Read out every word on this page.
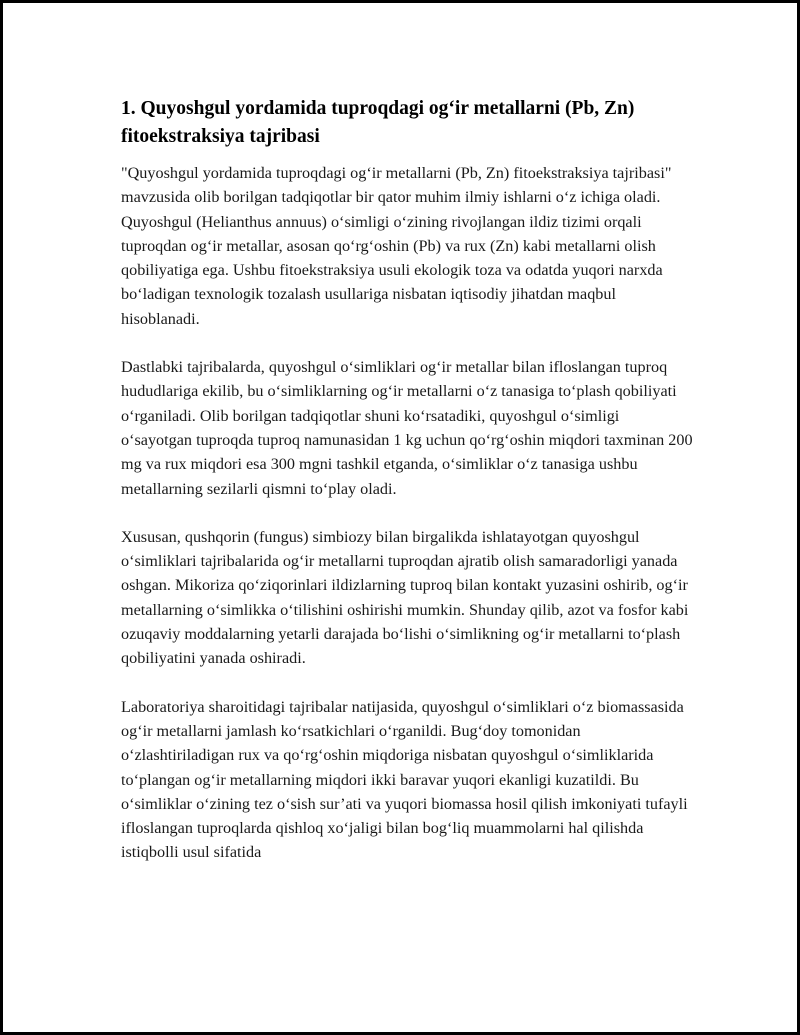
1. Quyoshgul yordamida tuproqdagi og‘ir metallarni (Pb, Zn) fitoekstraksiya tajribasi

"Quyoshgul yordamida tuproqdagi og‘ir metallarni (Pb, Zn) fitoekstraksiya tajribasi" mavzusida olib borilgan tadqiqotlar bir qator muhim ilmiy ishlarni o‘z ichiga oladi. Quyoshgul (Helianthus annuus) o‘simligi o‘zining rivojlangan ildiz tizimi orqali tuproqdan og‘ir metallar, asosan qo‘rg‘oshin (Pb) va rux (Zn) kabi metallarni olish qobiliyatiga ega. Ushbu fitoekstraksiya usuli ekologik toza va odatda yuqori narxda bo‘ladigan texnologik tozalash usullariga nisbatan iqtisodiy jihatdan maqbul hisoblanadi.

Dastlabki tajribalarda, quyoshgul o‘simliklari og‘ir metallar bilan ifloslangan tuproq hududlariga ekilib, bu o‘simliklarning og‘ir metallarni o‘z tanasiga to‘plash qobiliyati o‘rganiladi. Olib borilgan tadqiqotlar shuni ko‘rsatadiki, quyoshgul o‘simligi o‘sayotgan tuproqda tuproq namunasidan 1 kg uchun qo‘rg‘oshin miqdori taxminan 200 mg va rux miqdori esa 300 mgni tashkil etganda, o‘simliklar o‘z tanasiga ushbu metallarning sezilarli qismni to‘play oladi.

Xususan, qushqorin (fungus) simbiozy bilan birgalikda ishlatayotgan quyoshgul o‘simliklari tajribalarida og‘ir metallarni tuproqdan ajratib olish samaradorligi yanada oshgan. Mikoriza qo‘ziqorinlari ildizlarning tuproq bilan kontakt yuzasini oshirib, og‘ir metallarning o‘simlikka o‘tilishini oshirishi mumkin. Shunday qilib, azot va fosfor kabi ozuqaviy moddalarning yetarli darajada bo‘lishi o‘simlikning og‘ir metallarni to‘plash qobiliyatini yanada oshiradi.

Laboratoriya sharoitidagi tajribalar natijasida, quyoshgul o‘simliklari o‘z biomassasida og‘ir metallarni jamlash ko‘rsatkichlari o‘rganildi. Bug‘doy tomonidan o‘zlashtiriladigan rux va qo‘rg‘oshin miqdoriga nisbatan quyoshgul o‘simliklarida to‘plangan og‘ir metallarning miqdori ikki baravar yuqori ekanligi kuzatildi. Bu o‘simliklar o‘zining tez o‘sish sur’ati va yuqori biomassa hosil qilish imkoniyati tufayli ifloslangan tuproqlarda qishloq xo‘jaligi bilan bog‘liq muammolarni hal qilishda istiqbolli usul sifatida
